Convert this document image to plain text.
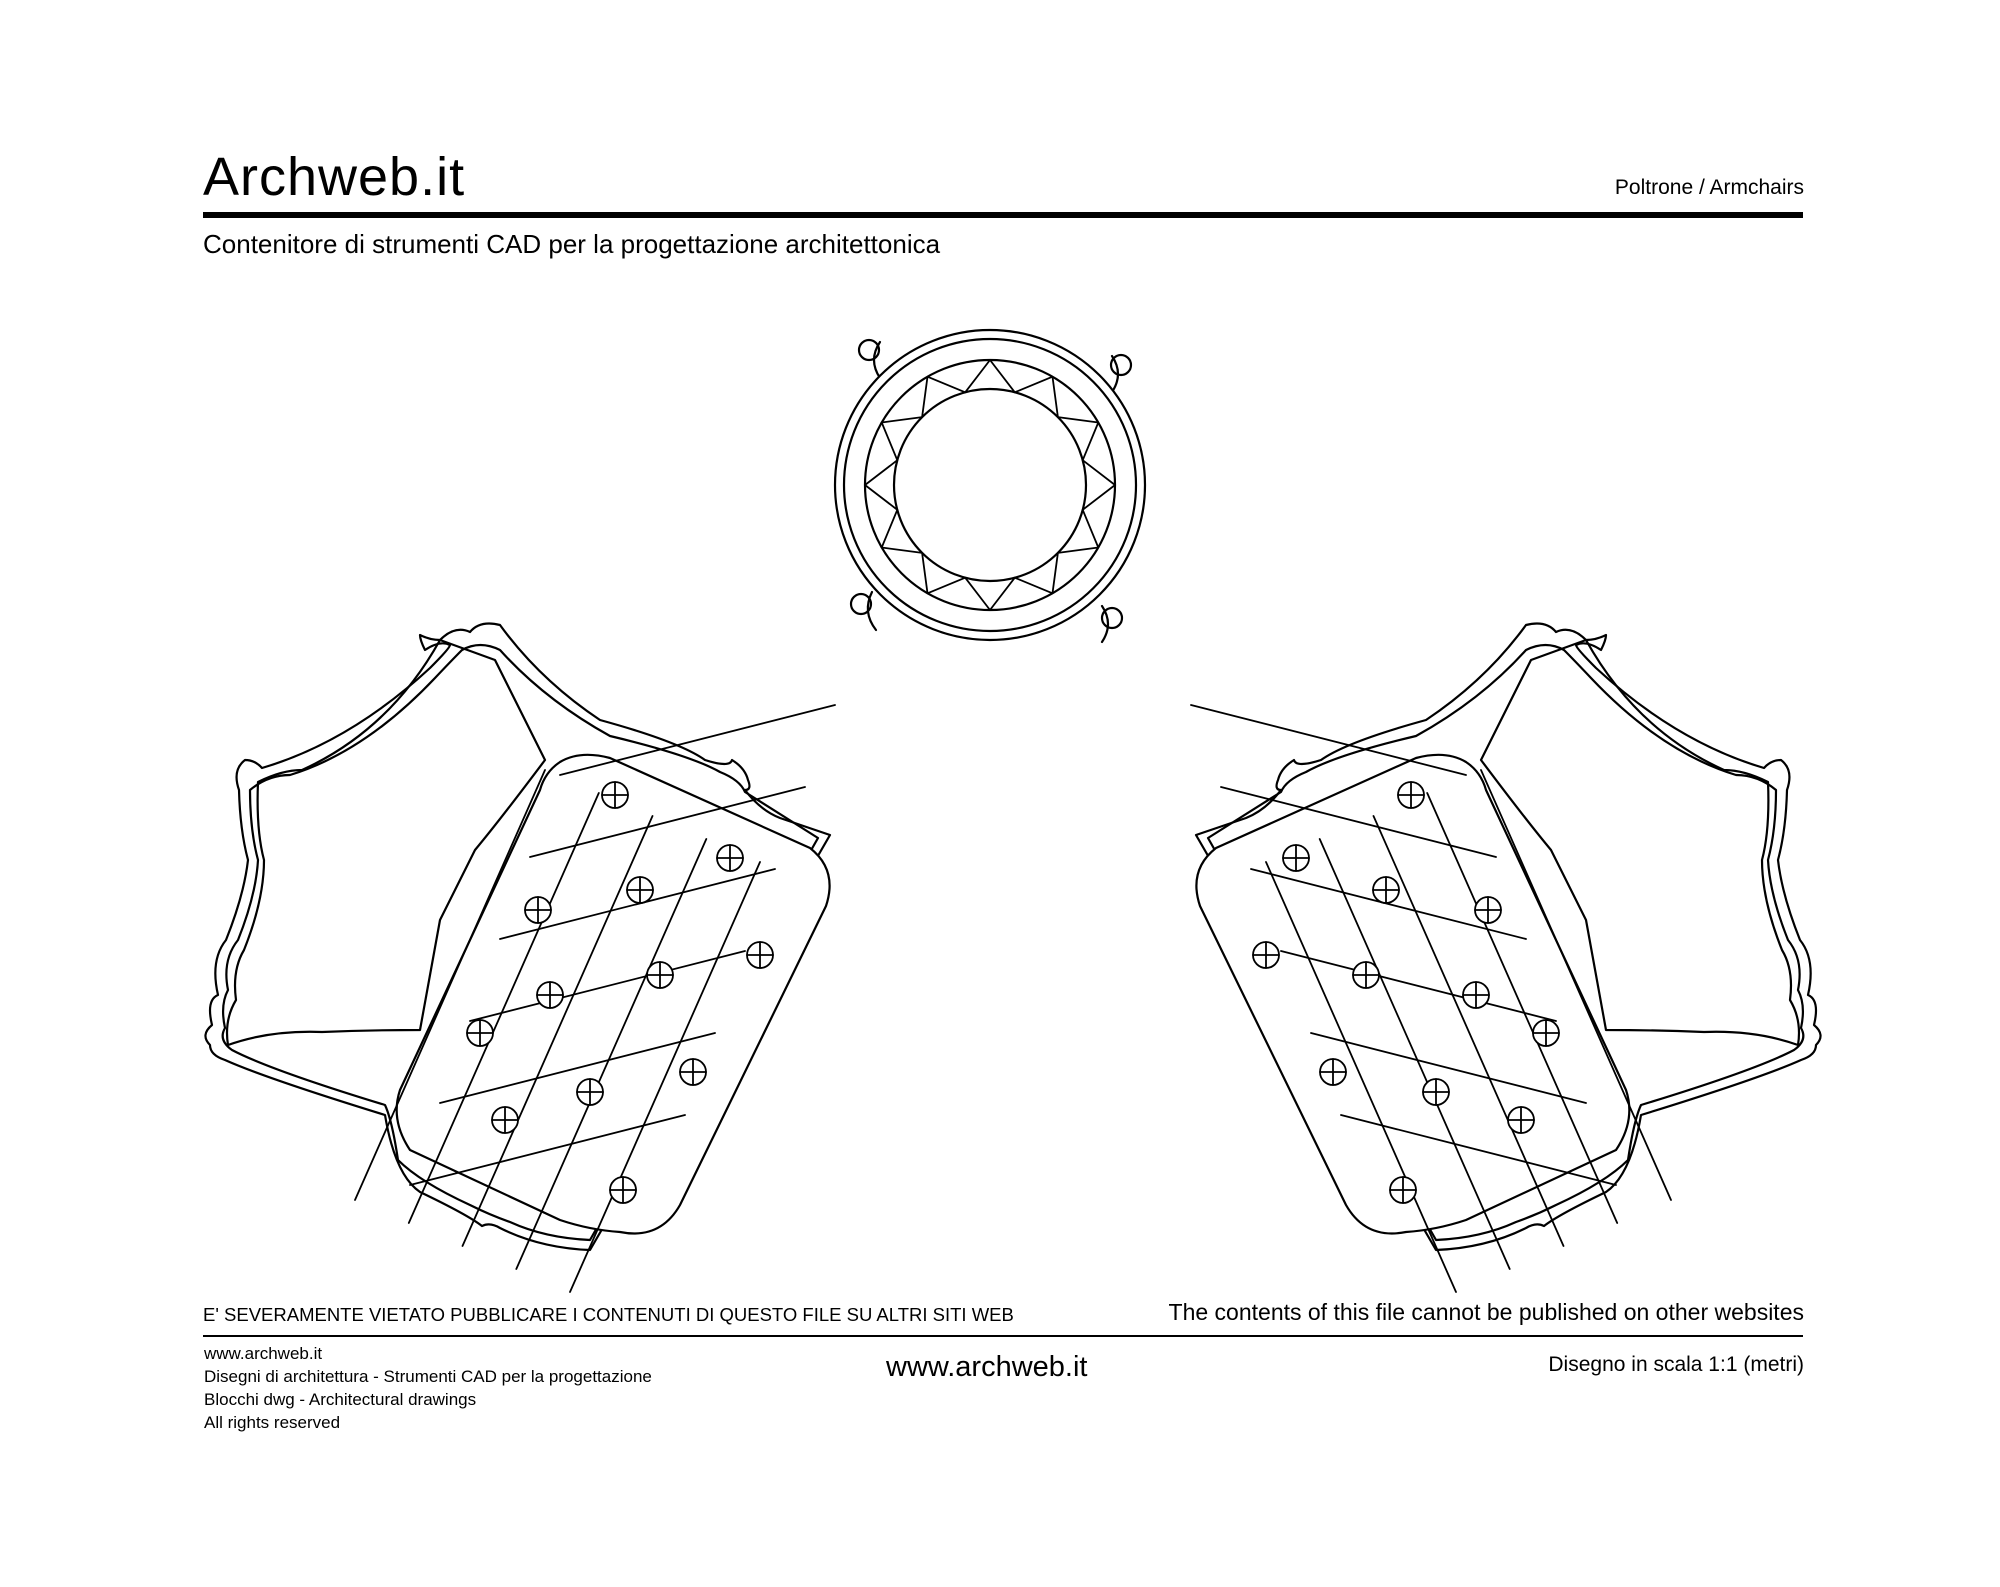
Archweb.it	Poltrone / Armchairs
Contenitore di strumenti CAD per la progettazione architettonica
E' SEVERAMENTE VIETATO PUBBLICARE I CONTENUTI DI QUESTO FILE SU ALTRI SITI WEB	The contents of this file cannot be published on other websites
www.archweb.it
Disegni di architettura - Strumenti CAD per la progettazione
Blocchi dwg - Architectural drawings
All rights reserved
www.archweb.it	Disegno in scala 1:1 (metri)
